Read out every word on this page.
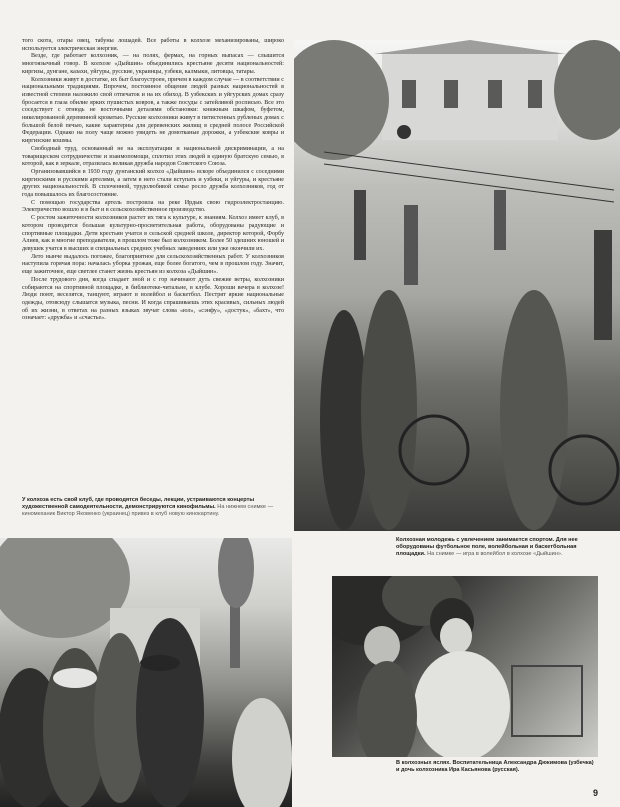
того скота, отары овец, табуны лошадей. Все работы в колхозе механизированы, широко используется электрическая энергия.

Везде, где работает колхозник, — на полях, фермах, на горных выпасах — слышится многоязычный говор. В колхозе «Дыйшин» объединились крестьяне десяти национальностей: киргизы, дунгане, казахи, уйгуры, русские, украинцы, узбеки, калмыки, литовцы, татары.

Колхозники живут в достатке, их быт благоустроен, причем в каждом случае — в соответствии с национальными традициями. Впрочем, постоянное общение людей разных национальностей в известной степени наложило свой отпечаток и на их обиход. В узбекских и уйгурских домах сразу бросается в глаза обилие ярких пушистых ковров, а также посуды с затейливой росписью. Все это соседствует с отнюдь не восточными деталями обстановки: книжным шкафом, буфетом, никелированной деревянной кроватью. Русские колхозники живут в пятистенных рубленых домах с большой белой печью, какие характерны для деревенских жилищ в средней полосе Российской Федерации. Однако на полу чаще можно увидеть не домотканые дорожки, а узбекские ковры и киргизские кошмы.

Свободный труд, основанный не на эксплуатации и национальной дискриминации, а на товарищеском сотрудничестве и взаимопомощи, сплотил этих людей в единую братскую семью, в которой, как в зеркале, отразилась великая дружба народов Советского Союза.

Организовавшийся в 1930 году дунганский колхоз «Дыйшин» вскоре объединился с соседними киргизскими и русскими артелями, а затем в него стали вступать и узбеки, и уйгуры, и крестьяне других национальностей. В сплоченной, трудолюбивой семье росло дружба колхозников, год от года повышалось их благосостояние.

С помощью государства артель построила на реке Ирдык свою гидроэлектростанцию. Электричество вошло и в быт и в сельскохозяйственное производство.

С ростом зажиточности колхозников растет их тяга к культуре, к знаниям. Колхоз имеет клуб, в котором проводится большая культурно-просветительная работа, оборудованы радующие и спортивные площадки. Дети крестьян учатся в сельской средней школе, директор которой, Форбу Алиев, как и многие преподаватели, в прошлом тоже был колхозником. Более 50 здешних юношей и девушек учатся в высших и специальных средних учебных заведениях или уже окончили их.

Лето нынче выдалось погожее, благоприятное для сельскохозяйственных работ. У колхозников наступила горячая пора: началась уборка урожая, еще более богатого, чем в прошлом году. Значит, еще зажиточнее, еще светлее станет жизнь крестьян из колхоза «Дыйшин».

После трудового дня, когда спадает зной и с гор начинают дуть свежие ветры, колхозники собираются на спортивной площадке, в библиотеке-читальне, в клубе. Хороши вечера в колхозе! Люди поют, веселятся, танцуют, играют в волейбол и баскетбол. Пестрят яркие национальные одежды, отовсюду слышатся музыка, песни. И когда спрашиваешь этих красивых, сильных людей об их жизни, в ответах на разных языках звучат слова «юл», «сэнфу», «достук», «бахт», что означает: «дружба» и «счастье».

У колхоза есть свой клуб, где проводятся беседы, лекции, устраиваются концерты художественной самодеятельности, демонстрируются кинофильмы. На нижнем снимке — киномеханик Виктор Яковенко (украинец) привез в клуб новую кинокартину.
Колхозная молодежь с увлечением занимается спортом. Для нее оборудованы футбольное поле, волейбольная и баскетбольная площадки. На снимке — игра в волейбол в колхозе «Дыйшин».
В колхозных яслях. Воспитательница Александра Дюкимова (узбечка) и дочь колхозника Ира Касьянова (русская).
9
